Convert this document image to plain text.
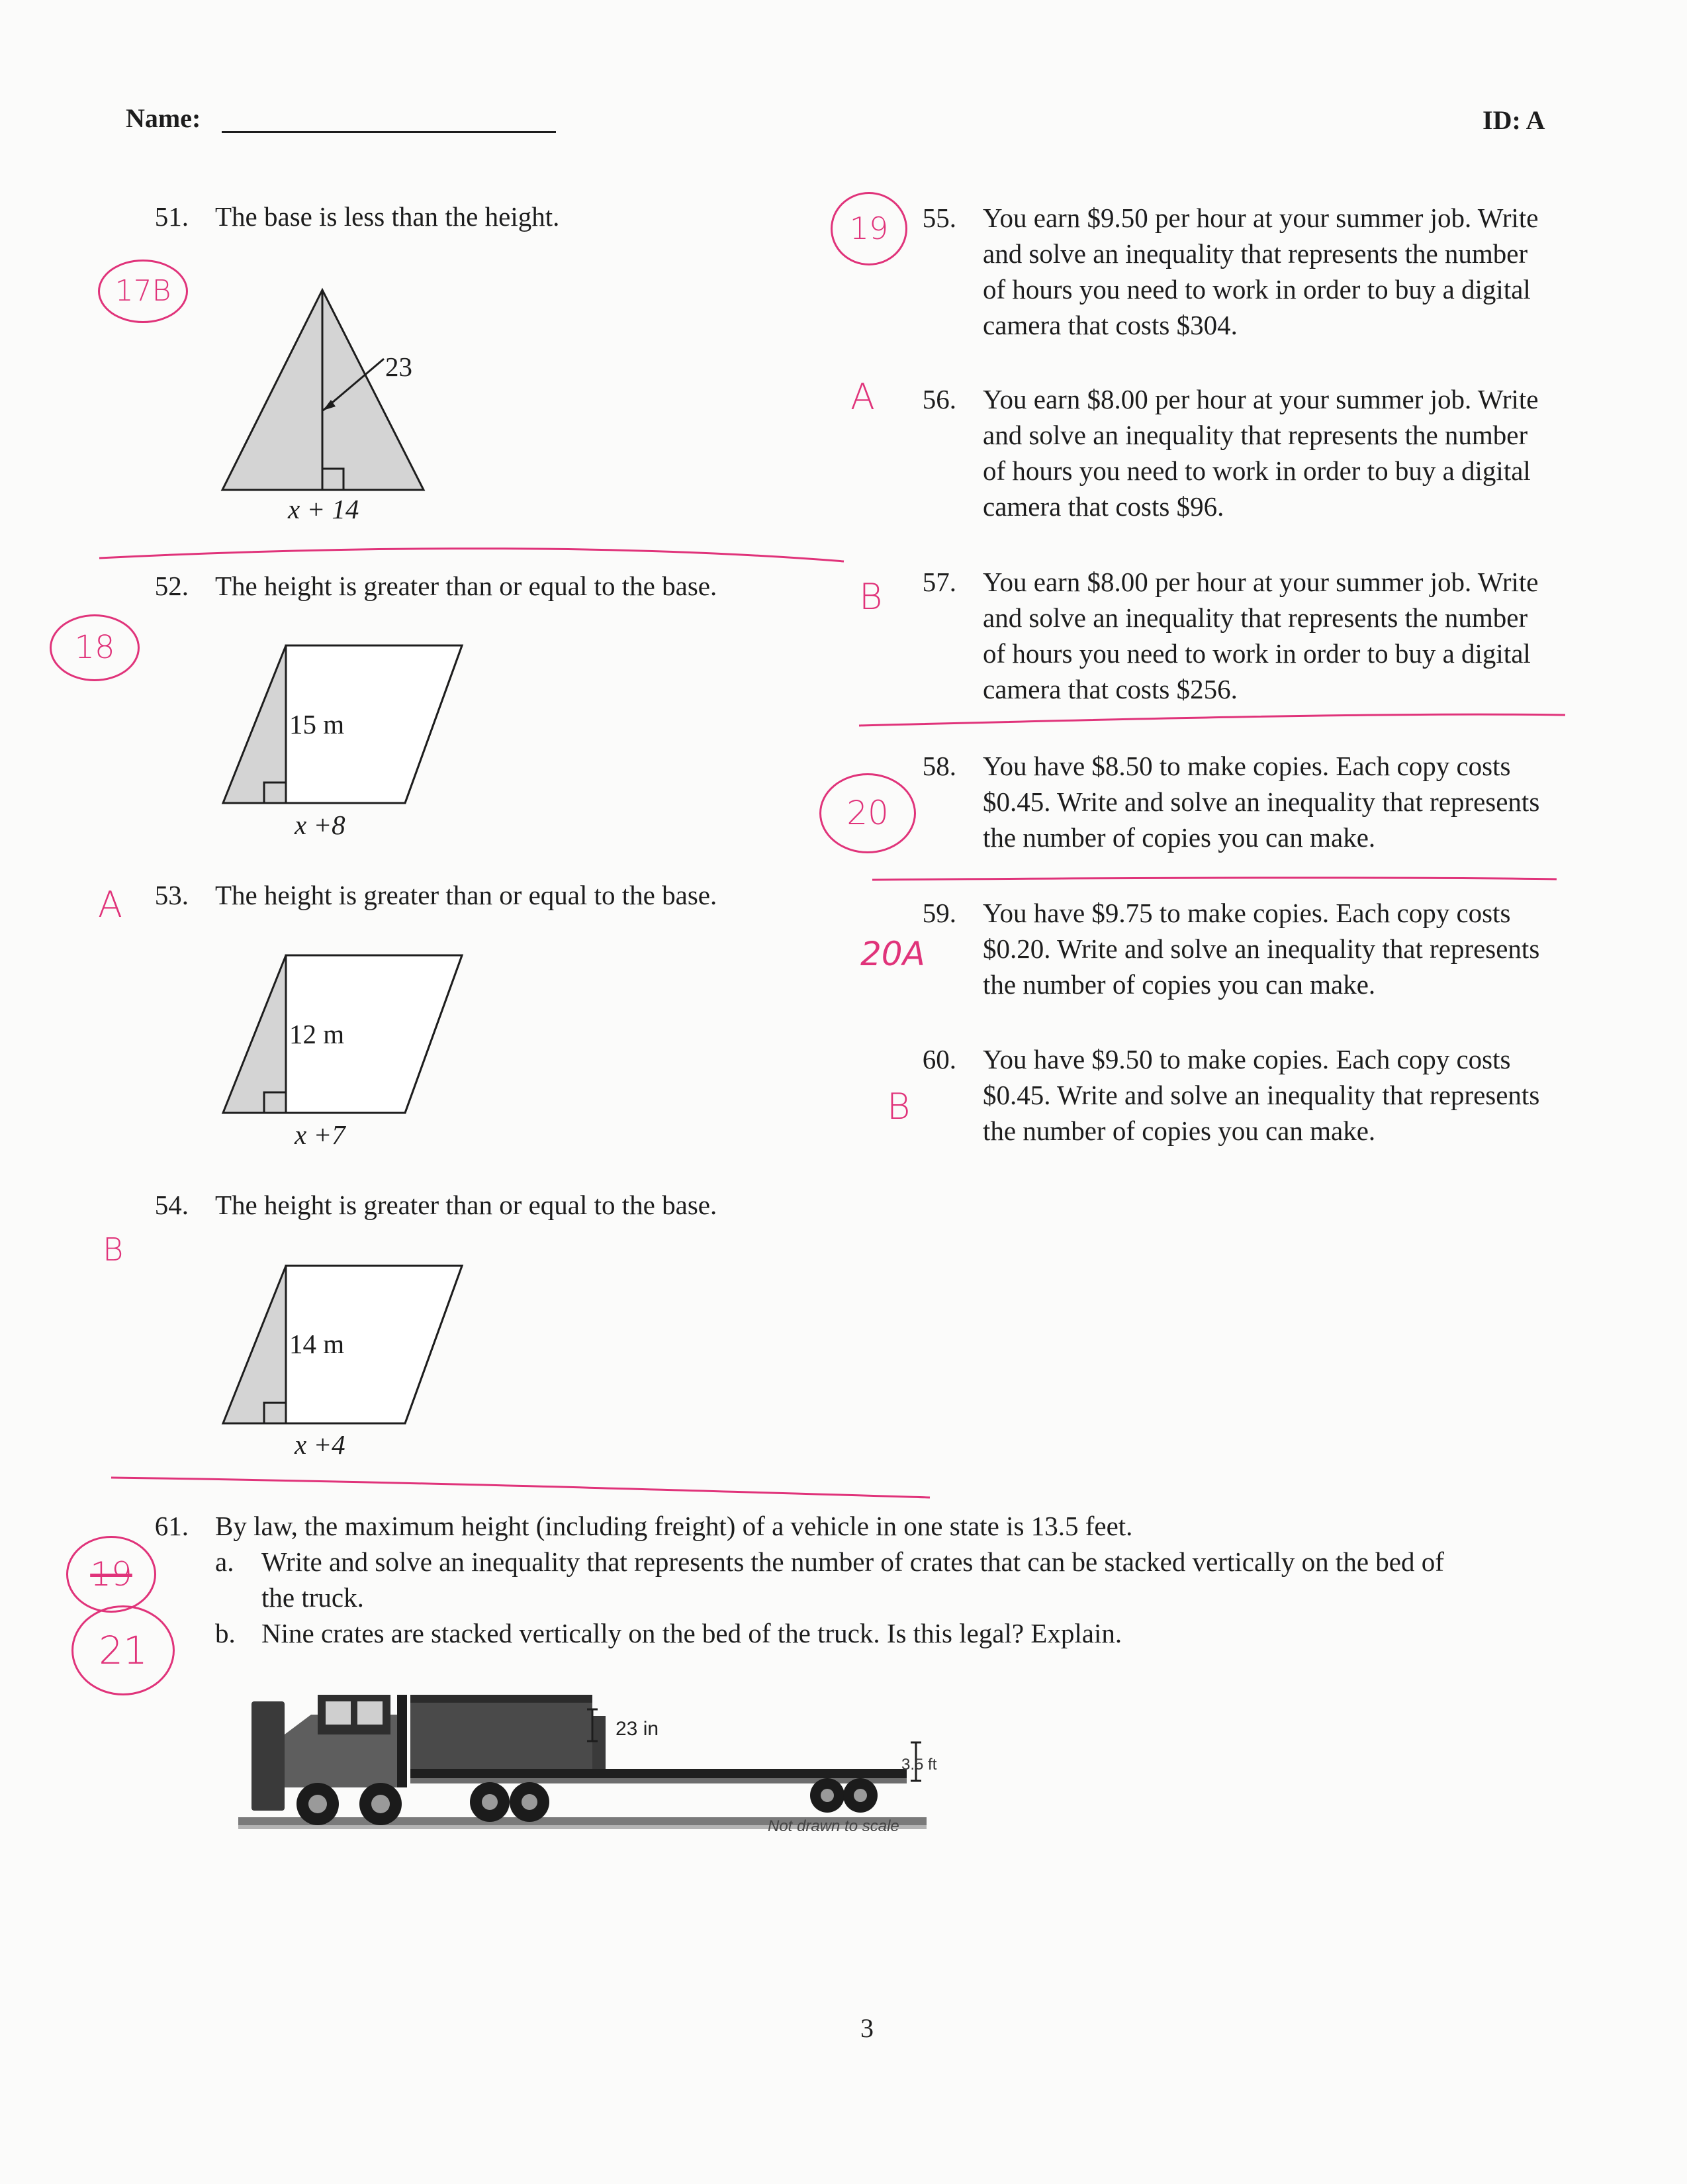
Name:	ID: A
51. The base is less than the height.
17B
23
x + 14
52. The height is greater than or equal to the base.
18
15 m
x +8
A	53. The height is greater than or equal to the base.
12 m
x +7
54. The height is greater than or equal to the base.
B
14 m
x +4
19	55. You earn $9.50 per hour at your summer job. Write
and solve an inequality that represents the number
of hours you need to work in order to buy a digital
camera that costs $304.
A	56. You earn $8.00 per hour at your summer job. Write
and solve an inequality that represents the number
of hours you need to work in order to buy a digital
camera that costs $96.
B	57. You earn $8.00 per hour at your summer job. Write
and solve an inequality that represents the number
of hours you need to work in order to buy a digital
camera that costs $256.
20
58. You have $8.50 to make copies. Each copy costs
$0.45. Write and solve an inequality that represents
the number of copies you can make.
59.
20A
You have $9.75 to make copies. Each copy costs
$0.20. Write and solve an inequality that represents
the number of copies you can make.
60.
B
You have $9.50 to make copies. Each copy costs
$0.45. Write and solve an inequality that represents
the number of copies you can make.
61. By law, the maximum height (including freight) of a vehicle in one state is 13.5 feet.
a. Write and solve an inequality that represents the number of crates that can be stacked vertically on the bed of
the truck.
b. Nine crates are stacked vertically on the bed of the truck. Is this legal? Explain.
19
21
23 in
3.5 ft
Not drawn to scale
3
